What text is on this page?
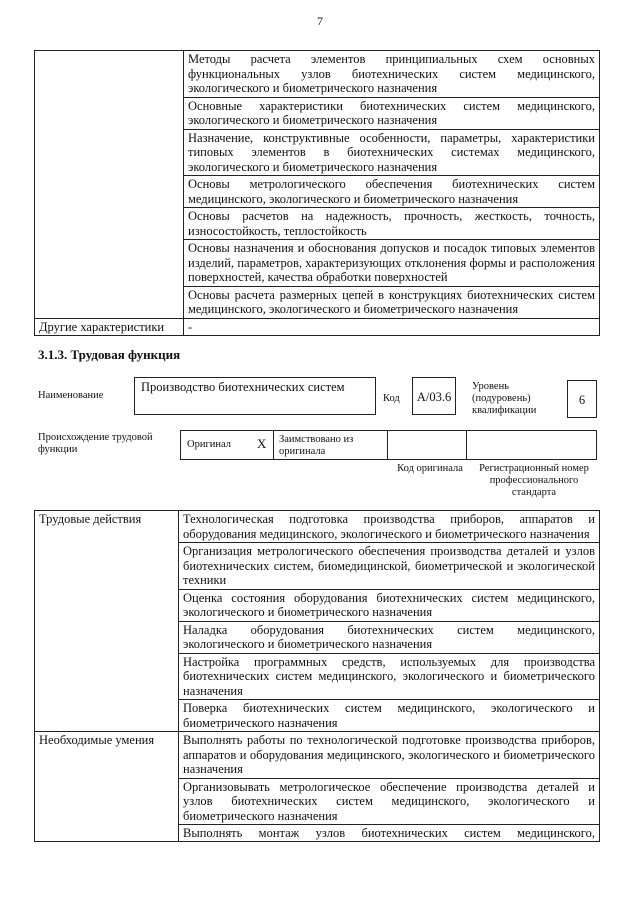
7
	Методы расчета элементов принципиальных схем основных функциональных узлов биотехнических систем медицинского, экологического и биометрического назначения
	Основные характеристики биотехнических систем медицинского, экологического и биометрического назначения
	Назначение, конструктивные особенности, параметры, характеристики типовых элементов в биотехнических системах медицинского, экологического и биометрического назначения
	Основы метрологического обеспечения биотехнических систем медицинского, экологического и биометрического назначения
	Основы расчетов на надежность, прочность, жесткость, точность, износостойкость, теплостойкость
	Основы назначения и обоснования допусков и посадок типовых элементов изделий, параметров, характеризующих отклонения формы и расположения поверхностей, качества обработки поверхностей
	Основы расчета размерных цепей в конструкциях биотехнических систем медицинского, экологического и биометрического назначения
Другие характеристики	-
3.1.3. Трудовая функция
Наименование
Производство биотехнических систем
Код	А/03.6
Уровень (подуровень) квалификации
6
Происхождение трудовой функции	Оригинал X Заимствовано из оригинала
Код оригинала	Регистрационный номер профессионального стандарта
Трудовые действия	Технологическая подготовка производства приборов, аппаратов и оборудования медицинского, экологического и биометрического назначения
	Организация метрологического обеспечения производства деталей и узлов биотехнических систем, биомедицинской, биометрической и экологической техники
	Оценка состояния оборудования биотехнических систем медицинского, экологического и биометрического назначения
	Наладка оборудования биотехнических систем медицинского, экологического и биометрического назначения
	Настройка программных средств, используемых для производства биотехнических систем медицинского, экологического и биометрического назначения
	Поверка биотехнических систем медицинского, экологического и биометрического назначения
Необходимые умения	Выполнять работы по технологической подготовке производства приборов, аппаратов и оборудования медицинского, экологического и биометрического назначения
	Организовывать метрологическое обеспечение производства деталей и узлов биотехнических систем медицинского, экологического и биометрического назначения
	Выполнять монтаж узлов биотехнических систем медицинского,
